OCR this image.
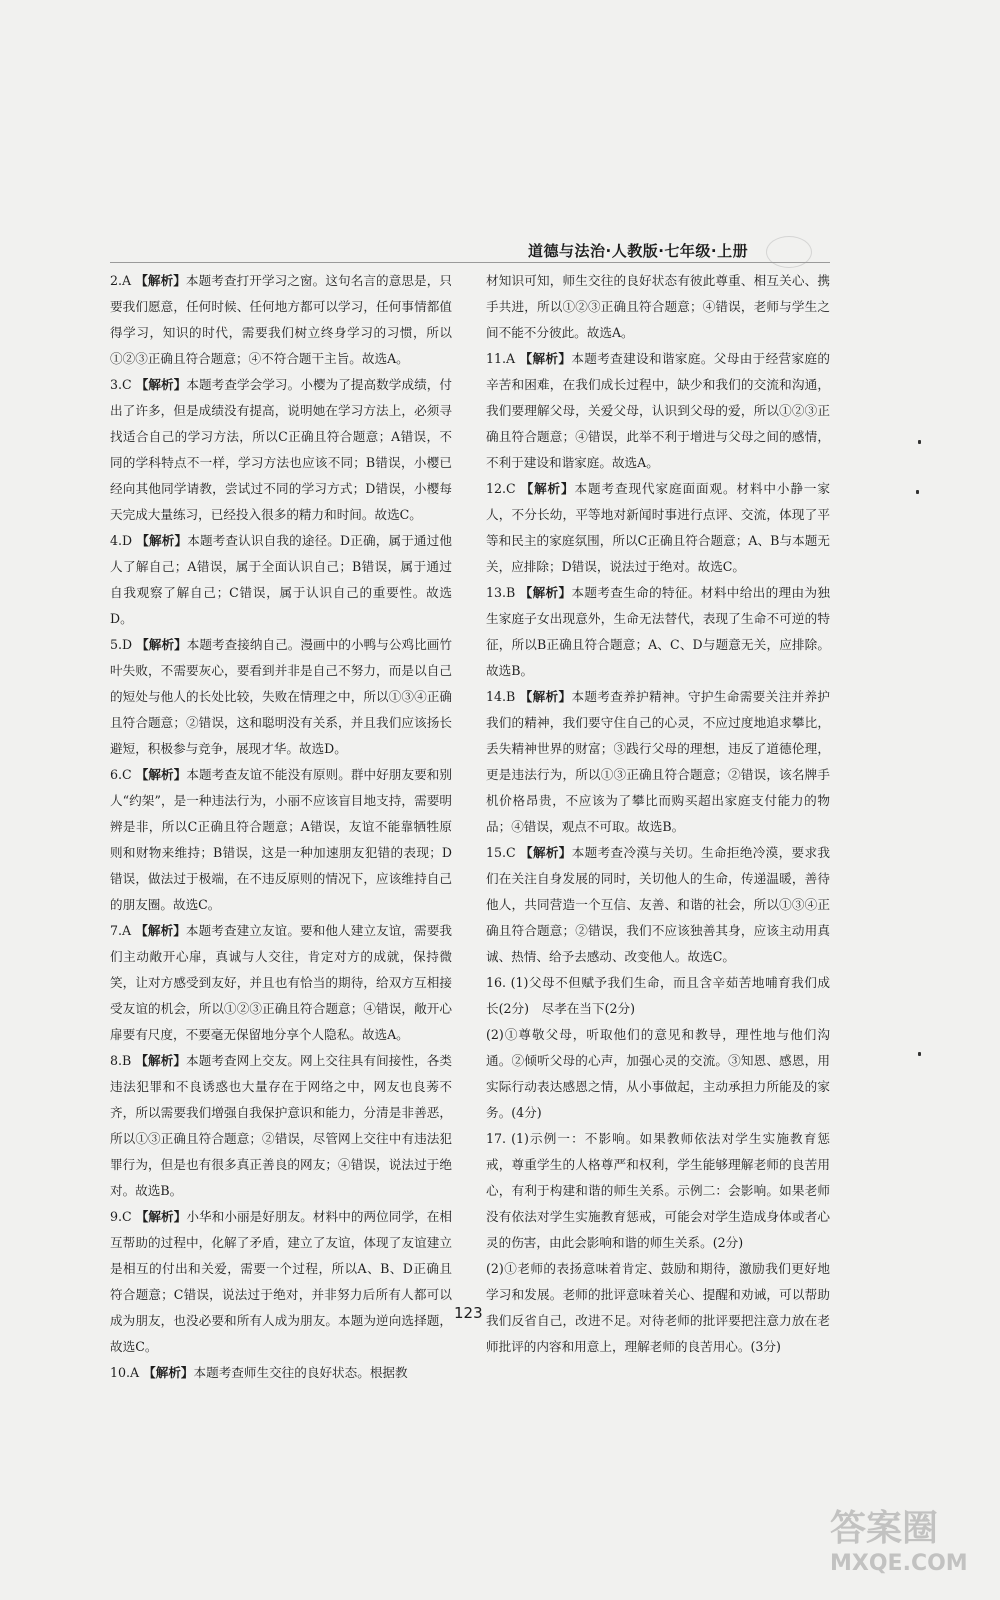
道德与法治·人教版·七年级·上册

2.A 【解析】本题考查打开学习之窗。这句名言的意思是，只要我们愿意，任何时候、任何地方都可以学习，任何事情都值得学习，知识的时代，需要我们树立终身学习的习惯，所以①②③正确且符合题意；④不符合题干主旨。故选A。

3.C 【解析】本题考查学会学习。小樱为了提高数学成绩，付出了许多，但是成绩没有提高，说明她在学习方法上，必须寻找适合自己的学习方法，所以C正确且符合题意；A错误，不同的学科特点不一样，学习方法也应该不同；B错误，小樱已经向其他同学请教，尝试过不同的学习方式；D错误，小樱每天完成大量练习，已经投入很多的精力和时间。故选C。

4.D 【解析】本题考查认识自我的途径。D正确，属于通过他人了解自己；A错误，属于全面认识自己；B错误，属于通过自我观察了解自己；C错误，属于认识自己的重要性。故选D。

5.D 【解析】本题考查接纳自己。漫画中的小鸭与公鸡比画竹叶失败，不需要灰心，要看到并非是自己不努力，而是以自己的短处与他人的长处比较，失败在情理之中，所以①③④正确且符合题意；②错误，这和聪明没有关系，并且我们应该扬长避短，积极参与竞争，展现才华。故选D。

6.C 【解析】本题考查友谊不能没有原则。群中好朋友要和别人“约架”，是一种违法行为，小丽不应该盲目地支持，需要明辨是非，所以C正确且符合题意；A错误，友谊不能靠牺牲原则和财物来维持；B错误，这是一种加速朋友犯错的表现；D错误，做法过于极端，在不违反原则的情况下，应该维持自己的朋友圈。故选C。

7.A 【解析】本题考查建立友谊。要和他人建立友谊，需要我们主动敞开心扉，真诚与人交往，肯定对方的成就，保持微笑，让对方感受到友好，并且也有恰当的期待，给双方互相接受友谊的机会，所以①②③正确且符合题意；④错误，敞开心扉要有尺度，不要毫无保留地分享个人隐私。故选A。

8.B 【解析】本题考查网上交友。网上交往具有间接性，各类违法犯罪和不良诱惑也大量存在于网络之中，网友也良莠不齐，所以需要我们增强自我保护意识和能力，分清是非善恶，所以①③正确且符合题意；②错误，尽管网上交往中有违法犯罪行为，但是也有很多真正善良的网友；④错误，说法过于绝对。故选B。

9.C 【解析】小华和小丽是好朋友。材料中的两位同学，在相互帮助的过程中，化解了矛盾，建立了友谊，体现了友谊建立是相互的付出和关爱，需要一个过程，所以A、B、D正确且符合题意；C错误，说法过于绝对，并非努力后所有人都可以成为朋友，也没必要和所有人成为朋友。本题为逆向选择题，故选C。

10.A 【解析】本题考查师生交往的良好状态。根据教

材知识可知，师生交往的良好状态有彼此尊重、相互关心、携手共进，所以①②③正确且符合题意；④错误，老师与学生之间不能不分彼此。故选A。

11.A 【解析】本题考查建设和谐家庭。父母由于经营家庭的辛苦和困难，在我们成长过程中，缺少和我们的交流和沟通，我们要理解父母，关爱父母，认识到父母的爱，所以①②③正确且符合题意；④错误，此举不利于增进与父母之间的感情，不利于建设和谐家庭。故选A。

12.C 【解析】本题考查现代家庭面面观。材料中小静一家人，不分长幼，平等地对新闻时事进行点评、交流，体现了平等和民主的家庭氛围，所以C正确且符合题意；A、B与本题无关，应排除；D错误，说法过于绝对。故选C。

13.B 【解析】本题考查生命的特征。材料中给出的理由为独生家庭子女出现意外，生命无法替代，表现了生命不可逆的特征，所以B正确且符合题意；A、C、D与题意无关，应排除。故选B。

14.B 【解析】本题考查养护精神。守护生命需要关注并养护我们的精神，我们要守住自己的心灵，不应过度地追求攀比，丢失精神世界的财富；③践行父母的理想，违反了道德伦理，更是违法行为，所以①③正确且符合题意；②错误，该名牌手机价格昂贵，不应该为了攀比而购买超出家庭支付能力的物品；④错误，观点不可取。故选B。

15.C 【解析】本题考查冷漠与关切。生命拒绝冷漠，要求我们在关注自身发展的同时，关切他人的生命，传递温暖，善待他人，共同营造一个互信、友善、和谐的社会，所以①③④正确且符合题意；②错误，我们不应该独善其身，应该主动用真诚、热情、给予去感动、改变他人。故选C。

16. (1)父母不但赋予我们生命，而且含辛茹苦地哺育我们成长(2分)　尽孝在当下(2分)
(2)①尊敬父母，听取他们的意见和教导，理性地与他们沟通。②倾听父母的心声，加强心灵的交流。③知恩、感恩，用实际行动表达感恩之情，从小事做起，主动承担力所能及的家务。(4分)

17. (1)示例一：不影响。如果教师依法对学生实施教育惩戒，尊重学生的人格尊严和权利，学生能够理解老师的良苦用心，有利于构建和谐的师生关系。示例二：会影响。如果老师没有依法对学生实施教育惩戒，可能会对学生造成身体或者心灵的伤害，由此会影响和谐的师生关系。(2分)
(2)①老师的表扬意味着肯定、鼓励和期待，激励我们更好地学习和发展。老师的批评意味着关心、提醒和劝诫，可以帮助我们反省自己，改进不足。对待老师的批评要把注意力放在老师批评的内容和用意上，理解老师的良苦用心。(3分)

123
答案圈
MXQE.COM
